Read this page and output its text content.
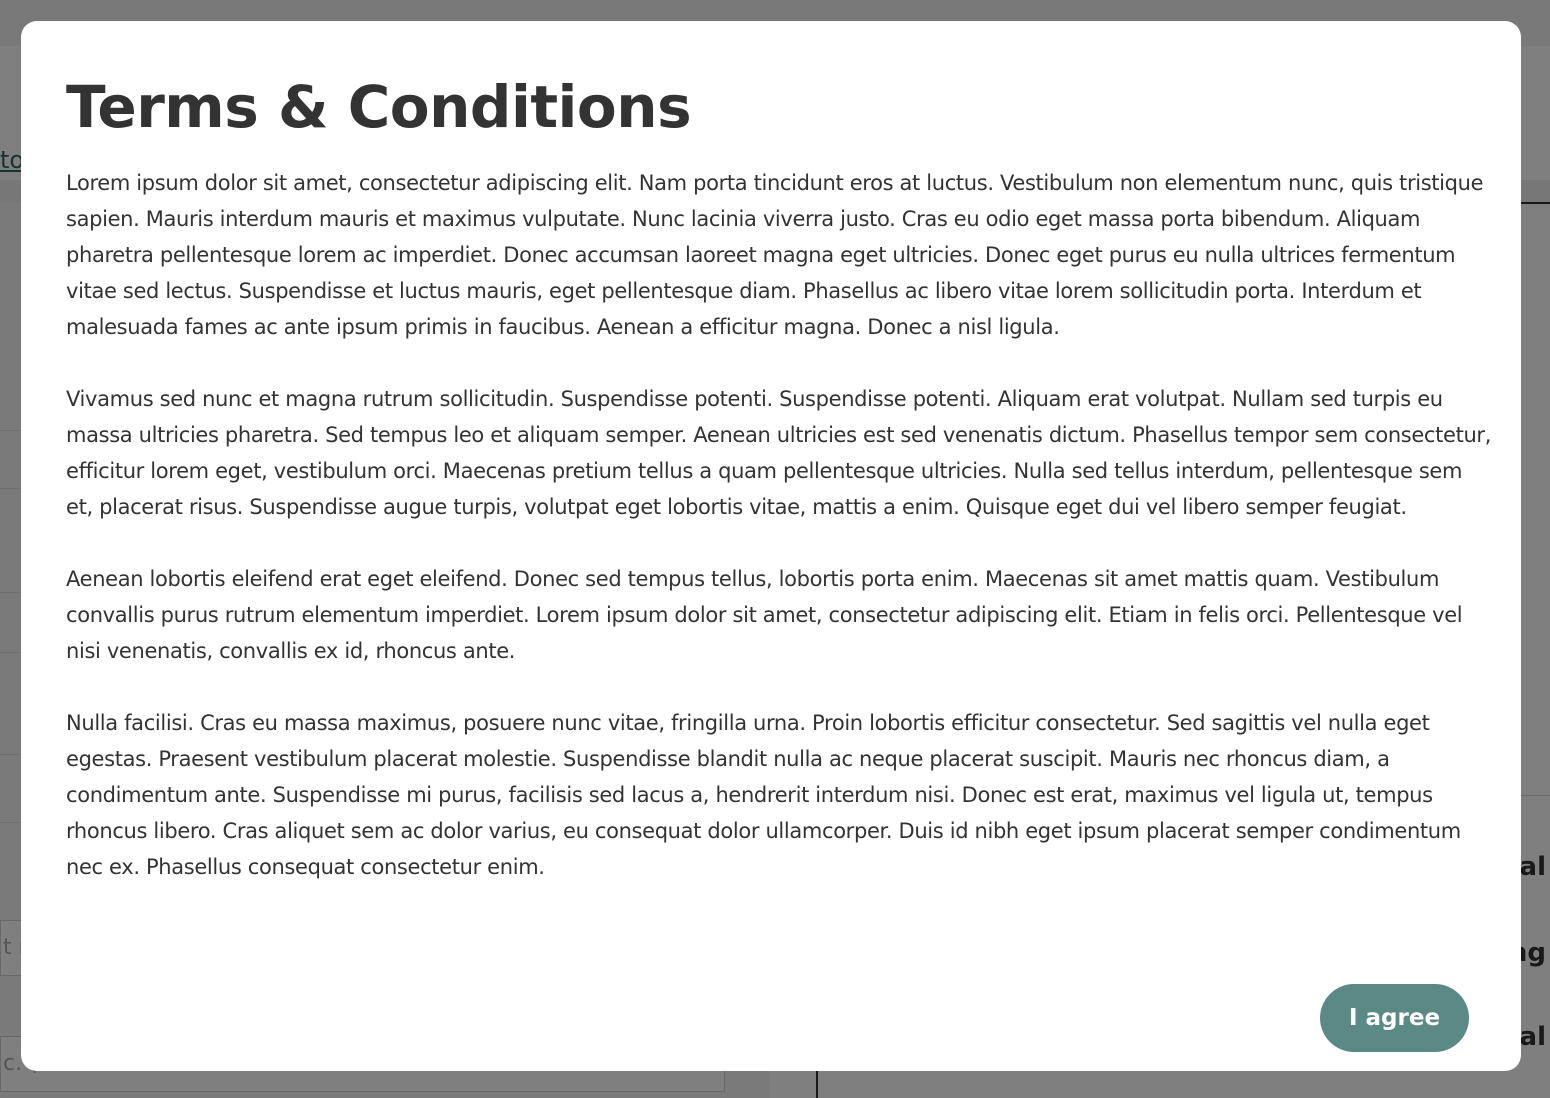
Terms & Conditions

Lorem ipsum dolor sit amet, consectetur adipiscing elit. Nam porta tincidunt eros at luctus. Vestibulum non elementum nunc, quis tristique sapien. Mauris interdum mauris et maximus vulputate. Nunc lacinia viverra justo. Cras eu odio eget massa porta bibendum. Aliquam pharetra pellentesque lorem ac imperdiet. Donec accumsan laoreet magna eget ultricies. Donec eget purus eu nulla ultrices fermentum vitae sed lectus. Suspendisse et luctus mauris, eget pellentesque diam. Phasellus ac libero vitae lorem sollicitudin porta. Interdum et malesuada fames ac ante ipsum primis in faucibus. Aenean a efficitur magna. Donec a nisl ligula.

Vivamus sed nunc et magna rutrum sollicitudin. Suspendisse potenti. Suspendisse potenti. Aliquam erat volutpat. Nullam sed turpis eu massa ultricies pharetra. Sed tempus leo et aliquam semper. Aenean ultricies est sed venenatis dictum. Phasellus tempor sem consectetur, efficitur lorem eget, vestibulum orci. Maecenas pretium tellus a quam pellentesque ultricies. Nulla sed tellus interdum, pellentesque sem et, placerat risus. Suspendisse augue turpis, volutpat eget lobortis vitae, mattis a enim. Quisque eget dui vel libero semper feugiat.

Aenean lobortis eleifend erat eget eleifend. Donec sed tempus tellus, lobortis porta enim. Maecenas sit amet mattis quam. Vestibulum convallis purus rutrum elementum imperdiet. Lorem ipsum dolor sit amet, consectetur adipiscing elit. Etiam in felis orci. Pellentesque vel nisi venenatis, convallis ex id, rhoncus ante.

Nulla facilisi. Cras eu massa maximus, posuere nunc vitae, fringilla urna. Proin lobortis efficitur consectetur. Sed sagittis vel nulla eget egestas. Praesent vestibulum placerat molestie. Suspendisse blandit nulla ac neque placerat suscipit. Mauris nec rhoncus diam, a condimentum ante. Suspendisse mi purus, facilisis sed lacus a, hendrerit interdum nisi. Donec est erat, maximus vel ligula ut, tempus rhoncus libero. Cras aliquet sem ac dolor varius, eu consequat dolor ullamcorper. Duis id nibh eget ipsum placerat semper condimentum nec ex. Phasellus consequat consectetur enim.

I agree
